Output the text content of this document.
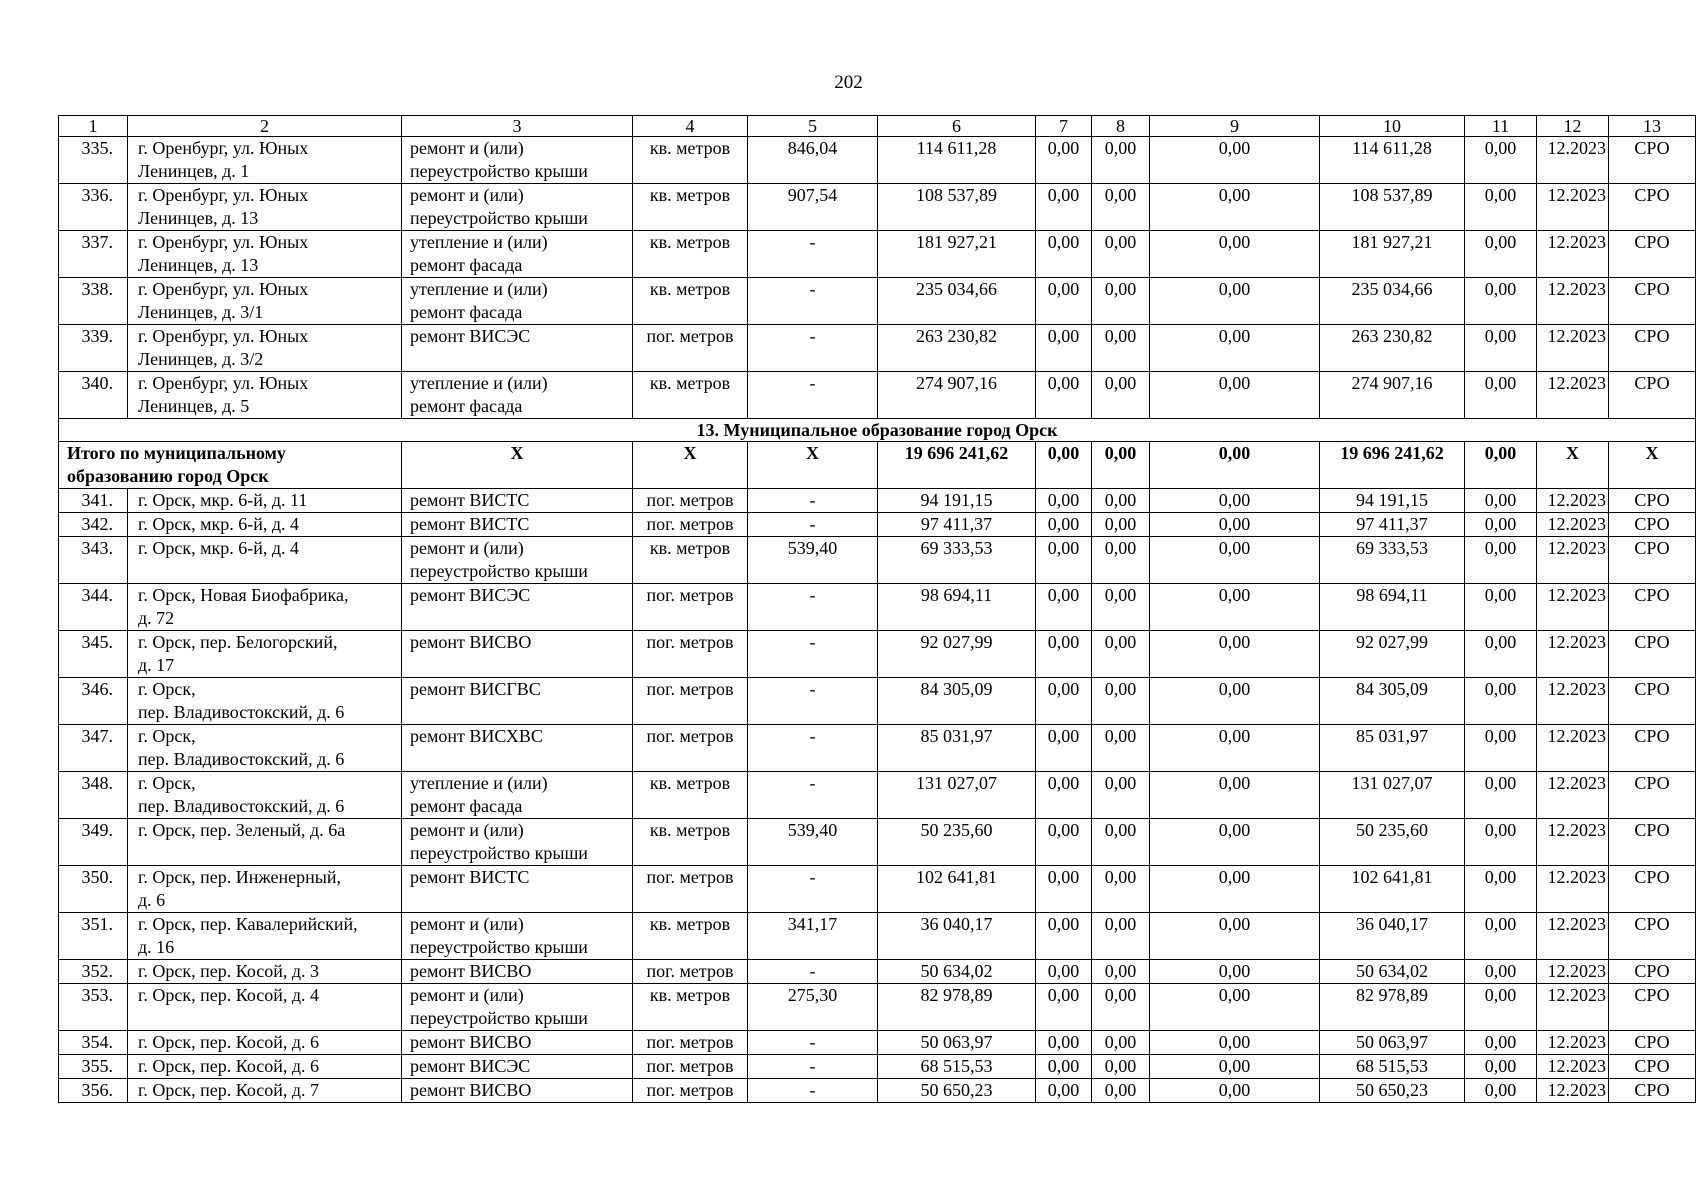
202
1	2	3	4	5	6	7	8	9	10	11	12	13
335.	г. Оренбург, ул. Юных
Ленинцев, д. 1	ремонт и (или)
переустройство крыши	кв. метров	846,04	114 611,28	0,00	0,00	0,00	114 611,28	0,00	12.2023	СРО
336.	г. Оренбург, ул. Юных
Ленинцев, д. 13	ремонт и (или)
переустройство крыши	кв. метров	907,54	108 537,89	0,00	0,00	0,00	108 537,89	0,00	12.2023	СРО
337.	г. Оренбург, ул. Юных
Ленинцев, д. 13	утепление и (или)
ремонт фасада	кв. метров	-	181 927,21	0,00	0,00	0,00	181 927,21	0,00	12.2023	СРО
338.	г. Оренбург, ул. Юных
Ленинцев, д. 3/1	утепление и (или)
ремонт фасада	кв. метров	-	235 034,66	0,00	0,00	0,00	235 034,66	0,00	12.2023	СРО
339.	г. Оренбург, ул. Юных
Ленинцев, д. 3/2	ремонт ВИСЭС	пог. метров	-	263 230,82	0,00	0,00	0,00	263 230,82	0,00	12.2023	СРО
340.	г. Оренбург, ул. Юных
Ленинцев, д. 5	утепление и (или)
ремонт фасада	кв. метров	-	274 907,16	0,00	0,00	0,00	274 907,16	0,00	12.2023	СРО
13. Муниципальное образование город Орск												
Итого по муниципальному
образованию город Орск		Х	Х	Х	19 696 241,62	0,00	0,00	0,00	19 696 241,62	0,00	Х	Х
341.	г. Орск, мкр. 6-й, д. 11	ремонт ВИСТС	пог. метров	-	94 191,15	0,00	0,00	0,00	94 191,15	0,00	12.2023	СРО
342.	г. Орск, мкр. 6-й, д. 4	ремонт ВИСТС	пог. метров	-	97 411,37	0,00	0,00	0,00	97 411,37	0,00	12.2023	СРО
343.	г. Орск, мкр. 6-й, д. 4	ремонт и (или)
переустройство крыши	кв. метров	539,40	69 333,53	0,00	0,00	0,00	69 333,53	0,00	12.2023	СРО
344.	г. Орск, Новая Биофабрика,
д. 72	ремонт ВИСЭС	пог. метров	-	98 694,11	0,00	0,00	0,00	98 694,11	0,00	12.2023	СРО
345.	г. Орск, пер. Белогорский,
д. 17	ремонт ВИСВО	пог. метров	-	92 027,99	0,00	0,00	0,00	92 027,99	0,00	12.2023	СРО
346.	г. Орск,
пер. Владивостокский, д. 6	ремонт ВИСГВС	пог. метров	-	84 305,09	0,00	0,00	0,00	84 305,09	0,00	12.2023	СРО
347.	г. Орск,
пер. Владивостокский, д. 6	ремонт ВИСХВС	пог. метров	-	85 031,97	0,00	0,00	0,00	85 031,97	0,00	12.2023	СРО
348.	г. Орск,
пер. Владивостокский, д. 6	утепление и (или)
ремонт фасада	кв. метров	-	131 027,07	0,00	0,00	0,00	131 027,07	0,00	12.2023	СРО
349.	г. Орск, пер. Зеленый, д. 6а	ремонт и (или)
переустройство крыши	кв. метров	539,40	50 235,60	0,00	0,00	0,00	50 235,60	0,00	12.2023	СРО
350.	г. Орск, пер. Инженерный,
д. 6	ремонт ВИСТС	пог. метров	-	102 641,81	0,00	0,00	0,00	102 641,81	0,00	12.2023	СРО
351.	г. Орск, пер. Кавалерийский,
д. 16	ремонт и (или)
переустройство крыши	кв. метров	341,17	36 040,17	0,00	0,00	0,00	36 040,17	0,00	12.2023	СРО
352.	г. Орск, пер. Косой, д. 3	ремонт ВИСВО	пог. метров	-	50 634,02	0,00	0,00	0,00	50 634,02	0,00	12.2023	СРО
353.	г. Орск, пер. Косой, д. 4	ремонт и (или)
переустройство крыши	кв. метров	275,30	82 978,89	0,00	0,00	0,00	82 978,89	0,00	12.2023	СРО
354.	г. Орск, пер. Косой, д. 6	ремонт ВИСВО	пог. метров	-	50 063,97	0,00	0,00	0,00	50 063,97	0,00	12.2023	СРО
355.	г. Орск, пер. Косой, д. 6	ремонт ВИСЭС	пог. метров	-	68 515,53	0,00	0,00	0,00	68 515,53	0,00	12.2023	СРО
356.	г. Орск, пер. Косой, д. 7	ремонт ВИСВО	пог. метров	-	50 650,23	0,00	0,00	0,00	50 650,23	0,00	12.2023	СРО
